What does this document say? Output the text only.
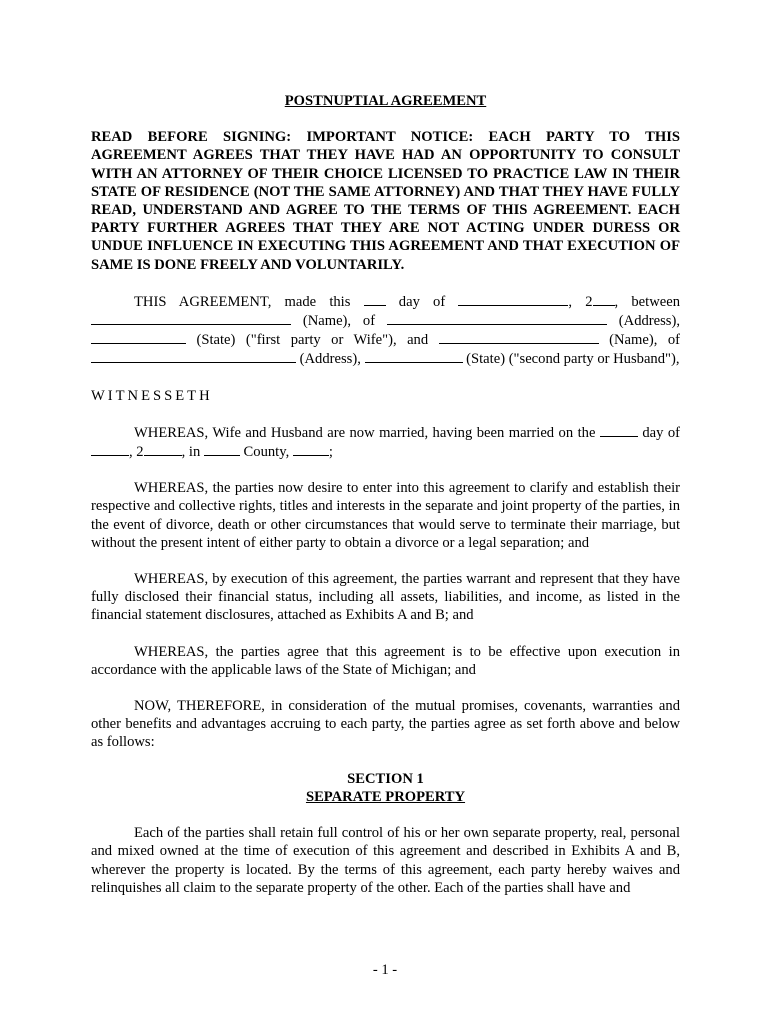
POSTNUPTIAL AGREEMENT
READ BEFORE SIGNING: IMPORTANT NOTICE: EACH PARTY TO THIS AGREEMENT AGREES THAT THEY HAVE HAD AN OPPORTUNITY TO CONSULT WITH AN ATTORNEY OF THEIR CHOICE LICENSED TO PRACTICE LAW IN THEIR STATE OF RESIDENCE (NOT THE SAME ATTORNEY) AND THAT THEY HAVE FULLY READ, UNDERSTAND AND AGREE TO THE TERMS OF THIS AGREEMENT. EACH PARTY FURTHER AGREES THAT THEY ARE NOT ACTING UNDER DURESS OR UNDUE INFLUENCE IN EXECUTING THIS AGREEMENT AND THAT EXECUTION OF SAME IS DONE FREELY AND VOLUNTARILY.
THIS AGREEMENT, made this  day of	, 2 , between  (Name), of	(Address),  (State) ("first party or Wife"), and	(Name), of  (Address),	(State) ("second party or Husband"),
WITNESSETH
WHEREAS, Wife and Husband are now married, having been married on the	day of , 2	, in  County, ;
WHEREAS, the parties now desire to enter into this agreement to clarify and establish their respective and collective rights, titles and interests in the separate and joint property of the parties, in the event of divorce, death or other circumstances that would serve to terminate their marriage, but without the present intent of either party to obtain a divorce or a legal separation; and
WHEREAS, by execution of this agreement, the parties warrant and represent that they have fully disclosed their financial status, including all assets, liabilities, and income, as listed in the financial statement disclosures, attached as Exhibits A and B; and
WHEREAS, the parties agree that this agreement is to be effective upon execution in accordance with the applicable laws of the State of Michigan; and
NOW, THEREFORE, in consideration of the mutual promises, covenants, warranties and other benefits and advantages accruing to each party, the parties agree as set forth above and below as follows:
SECTION 1
SEPARATE PROPERTY
Each of the parties shall retain full control of his or her own separate property, real, personal and mixed owned at the time of execution of this agreement and described in Exhibits A and B, wherever the property is located. By the terms of this agreement, each party hereby waives and relinquishes all claim to the separate property of the other. Each of the parties shall have and
- 1 -
